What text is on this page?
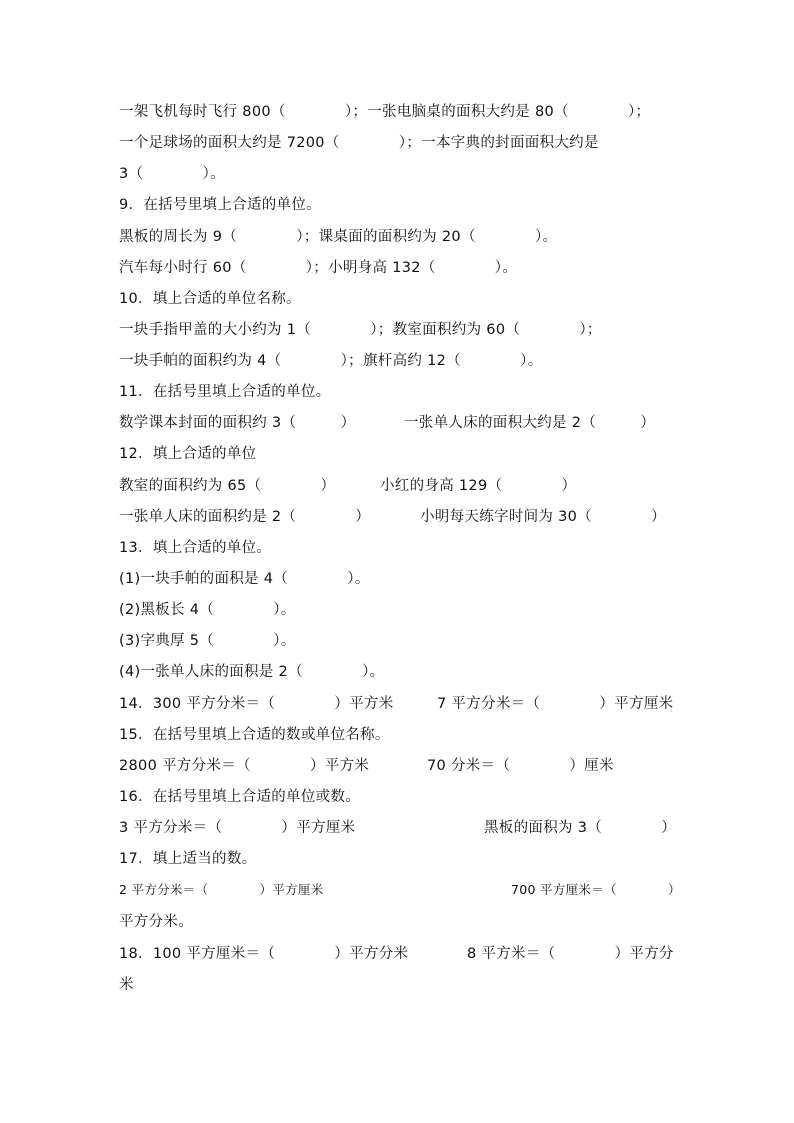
一架飞机每时飞行 800（　　　　）；一张电脑桌的面积大约是 80（　　　　）；
一个足球场的面积大约是 7200（　　　　）；一本字典的封面面积大约是
3（　　　　）。
9．在括号里填上合适的单位。
黑板的周长为 9（　　　　）；课桌面的面积约为 20（　　　　）。
汽车每小时行 60（　　　　）；小明身高 132（　　　　）。
10．填上合适的单位名称。
一块手指甲盖的大小约为 1（　　　　）；教室面积约为 60（　　　　）；
一块手帕的面积约为 4（　　　　）；旗杆高约 12（　　　　）。
11．在括号里填上合适的单位。

数学课本封面的面积约 3（　　　）

	一张单人床的面积大约是 2（　　　）

12．填上合适的单位

教室的面积约为 65（　　　　）

	小红的身高 129（　　　　）

一张单人床的面积约是 2（　　　　）

	小明每天练字时间为 30（　　　　）

13．填上合适的单位。
(1)一块手帕的面积是 4（　　　　）。
(2)黑板长 4（　　　　）。
(3)字典厚 5（　　　　）。
(4)一张单人床的面积是 2（　　　　）。

14．300 平方分米＝（　　　　）平方米

	7 平方分米＝（　　　　）平方厘米

15．在括号里填上合适的数或单位名称。

2800 平方分米＝（　　　　）平方米

	70 分米＝（　　　　）厘米

16．在括号里填上合适的单位或数。

3 平方分米＝（　　　　）平方厘米

	黑板的面积为 3（　　　　）

17．填上适当的数。

2 平方分米＝（　　　　）平方厘米

	700 平方厘米＝（　　　　）

平方分米。

18．100 平方厘米＝（　　　　）平方分米

	8 平方米＝（　　　　）平方分

米
